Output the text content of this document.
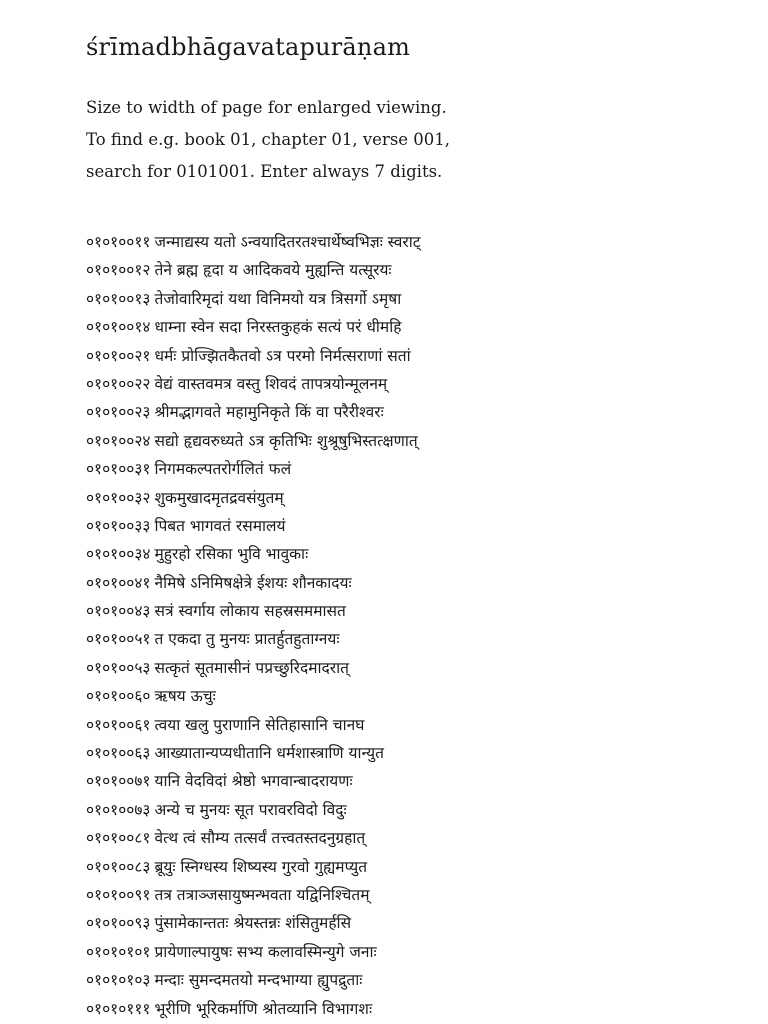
śrīmadbhāgavatapurāṇam
Size to width of page for enlarged viewing.
To find e.g. book 01, chapter 01, verse 001,
search for 0101001. Enter always 7 digits.
०१०१००११ जन्माद्यस्य यतो ऽन्वयादितरतश्चार्थेष्वभिज्ञः स्वराट्
०१०१००१२ तेने ब्रह्म हृदा य आदिकवये मुह्यन्ति यत्सूरयः
०१०१००१३ तेजोवारिमृदां यथा विनिमयो यत्र त्रिसर्गो ऽमृषा
०१०१००१४ धाम्ना स्वेन सदा निरस्तकुहकं सत्यं परं धीमहि
०१०१००२१ धर्मः प्रोज्झितकैतवो ऽत्र परमो निर्मत्सराणां सतां
०१०१००२२ वेद्यं वास्तवमत्र वस्तु शिवदं तापत्रयोन्मूलनम्
०१०१००२३ श्रीमद्भागवते महामुनिकृते किं वा परैरीश्वरः
०१०१००२४ सद्यो हृद्यवरुध्यते ऽत्र कृतिभिः शुश्रूषुभिस्तत्क्षणात्
०१०१००३१ निगमकल्पतरोर्गलितं फलं
०१०१००३२ शुकमुखादमृतद्रवसंयुतम्
०१०१००३३ पिबत भागवतं रसमालयं
०१०१००३४ मुहुरहो रसिका भुवि भावुकाः
०१०१००४१ नैमिषे ऽनिमिषक्षेत्रे ईशयः शौनकादयः
०१०१००४३ सत्रं स्वर्गाय लोकाय सहस्रसममासत
०१०१००५१ त एकदा तु मुनयः प्रातर्हुतहुताग्नयः
०१०१००५३ सत्कृतं सूतमासीनं पप्रच्छुरिदमादरात्
०१०१००६० ऋषय ऊचुः
०१०१००६१ त्वया खलु पुराणानि सेतिहासानि चानघ
०१०१००६३ आख्यातान्यप्यधीतानि धर्मशास्त्राणि यान्युत
०१०१००७१ यानि वेदविदां श्रेष्ठो भगवान्बादरायणः
०१०१००७३ अन्ये च मुनयः सूत परावरविदो विदुः
०१०१००८१ वेत्थ त्वं सौम्य तत्सर्वं तत्त्वतस्तदनुग्रहात्
०१०१००८३ ब्रूयुः स्निग्धस्य शिष्यस्य गुरवो गुह्यमप्युत
०१०१००९१ तत्र तत्राञ्जसायुष्मन्भवता यद्विनिश्चितम्
०१०१००९३ पुंसामेकान्ततः श्रेयस्तन्नः शंसितुमर्हसि
०१०१०१०१ प्रायेणाल्पायुषः सभ्य कलावस्मिन्युगे जनाः
०१०१०१०३ मन्दाः सुमन्दमतयो मन्दभाग्या ह्युपद्रुताः
०१०१०१११ भूरीणि भूरिकर्माणि श्रोतव्यानि विभागशः
